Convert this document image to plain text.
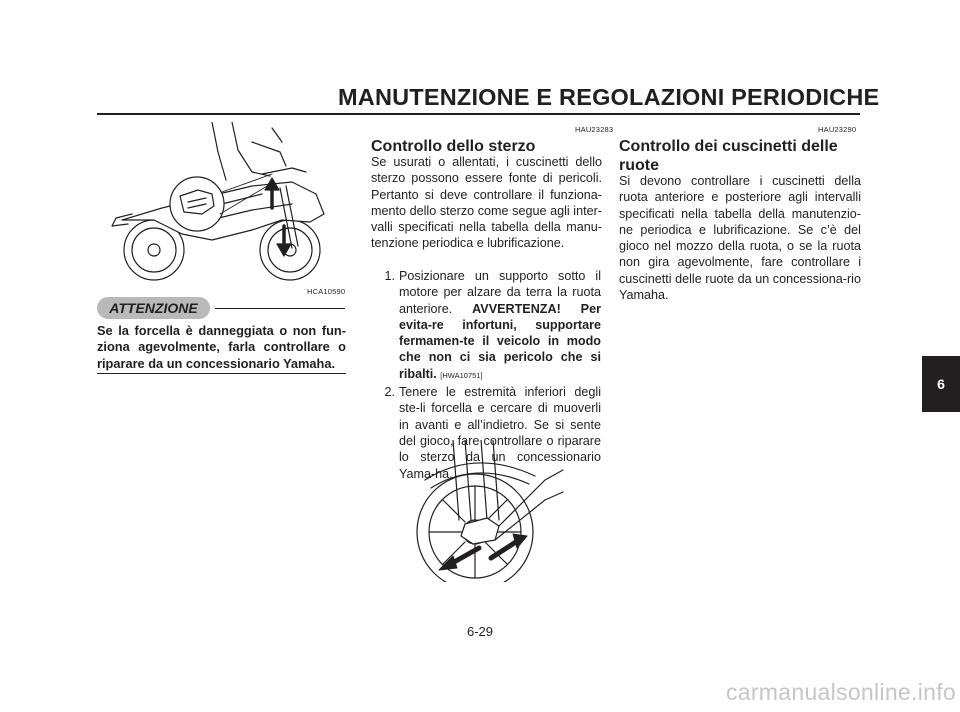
MANUTENZIONE E REGOLAZIONI PERIODICHE
HCA10590
ATTENZIONE
Se la forcella è danneggiata o non fun-ziona agevolmente, farla controllare o riparare da un concessionario Yamaha.
HAU23283
Controllo dello sterzo
Se usurati o allentati, i cuscinetti dello sterzo possono essere fonte di pericoli. Pertanto si deve controllare il funziona-mento dello sterzo come segue agli inter-valli specificati nella tabella della manu-tenzione periodica e lubrificazione.
1. Posizionare un supporto sotto il motore per alzare da terra la ruota anteriore. AVVERTENZA! Per evita-re infortuni, supportare fermamen-te il veicolo in modo che non ci sia pericolo che si ribalti. [HWA10751]
2. Tenere le estremità inferiori degli ste-li forcella e cercare di muoverli in avanti e all’indietro. Se si sente del gioco, fare controllare o riparare lo sterzo da un concessionario Yama-ha.
HAU23290
Controllo dei cuscinetti delle ruote
Si devono controllare i cuscinetti della ruota anteriore e posteriore agli intervalli specificati nella tabella della manutenzio-ne periodica e lubrificazione. Se c’è del gioco nel mozzo della ruota, o se la ruota non gira agevolmente, fare controllare i cuscinetti delle ruote da un concessiona-rio Yamaha.
6-29
6
carmanualsonline.info
